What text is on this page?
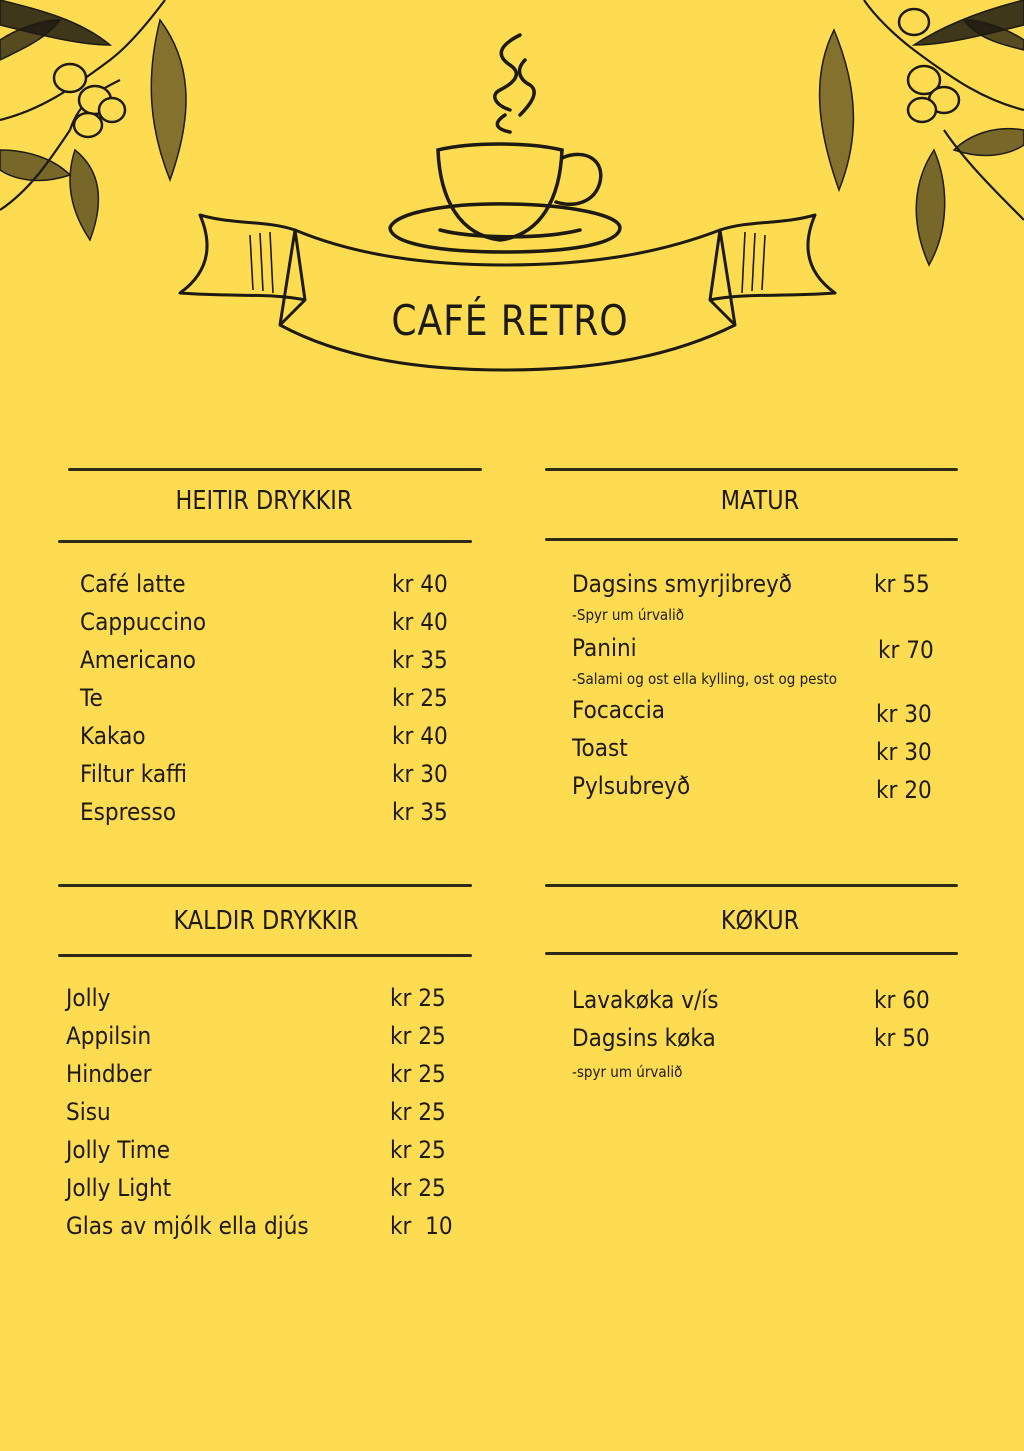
CAFÉ RETRO
HEITIR DRYKKIR
Café latte	kr 40
Cappuccino	kr 40
Americano	kr 35
Te	kr 25
Kakao	kr 40
Filtur kaffi	kr 30
Espresso	kr 35
MATUR
Dagsins smyrjibreyð	kr 55
-Spyr um úrvalið
Panini	kr 70
-Salami og ost ella kylling, ost og pesto
Focaccia	kr 30
Toast	kr 30
Pylsubreyð	kr 20
KALDIR DRYKKIR
Jolly	kr 25
Appilsin	kr 25
Hindber	kr 25
Sisu	kr 25
Jolly Time	kr 25
Jolly Light	kr 25
Glas av mjólk ella djús	kr  10
KØKUR
Lavakøka v/ís	kr 60
Dagsins køka	kr 50
-spyr um úrvalið
